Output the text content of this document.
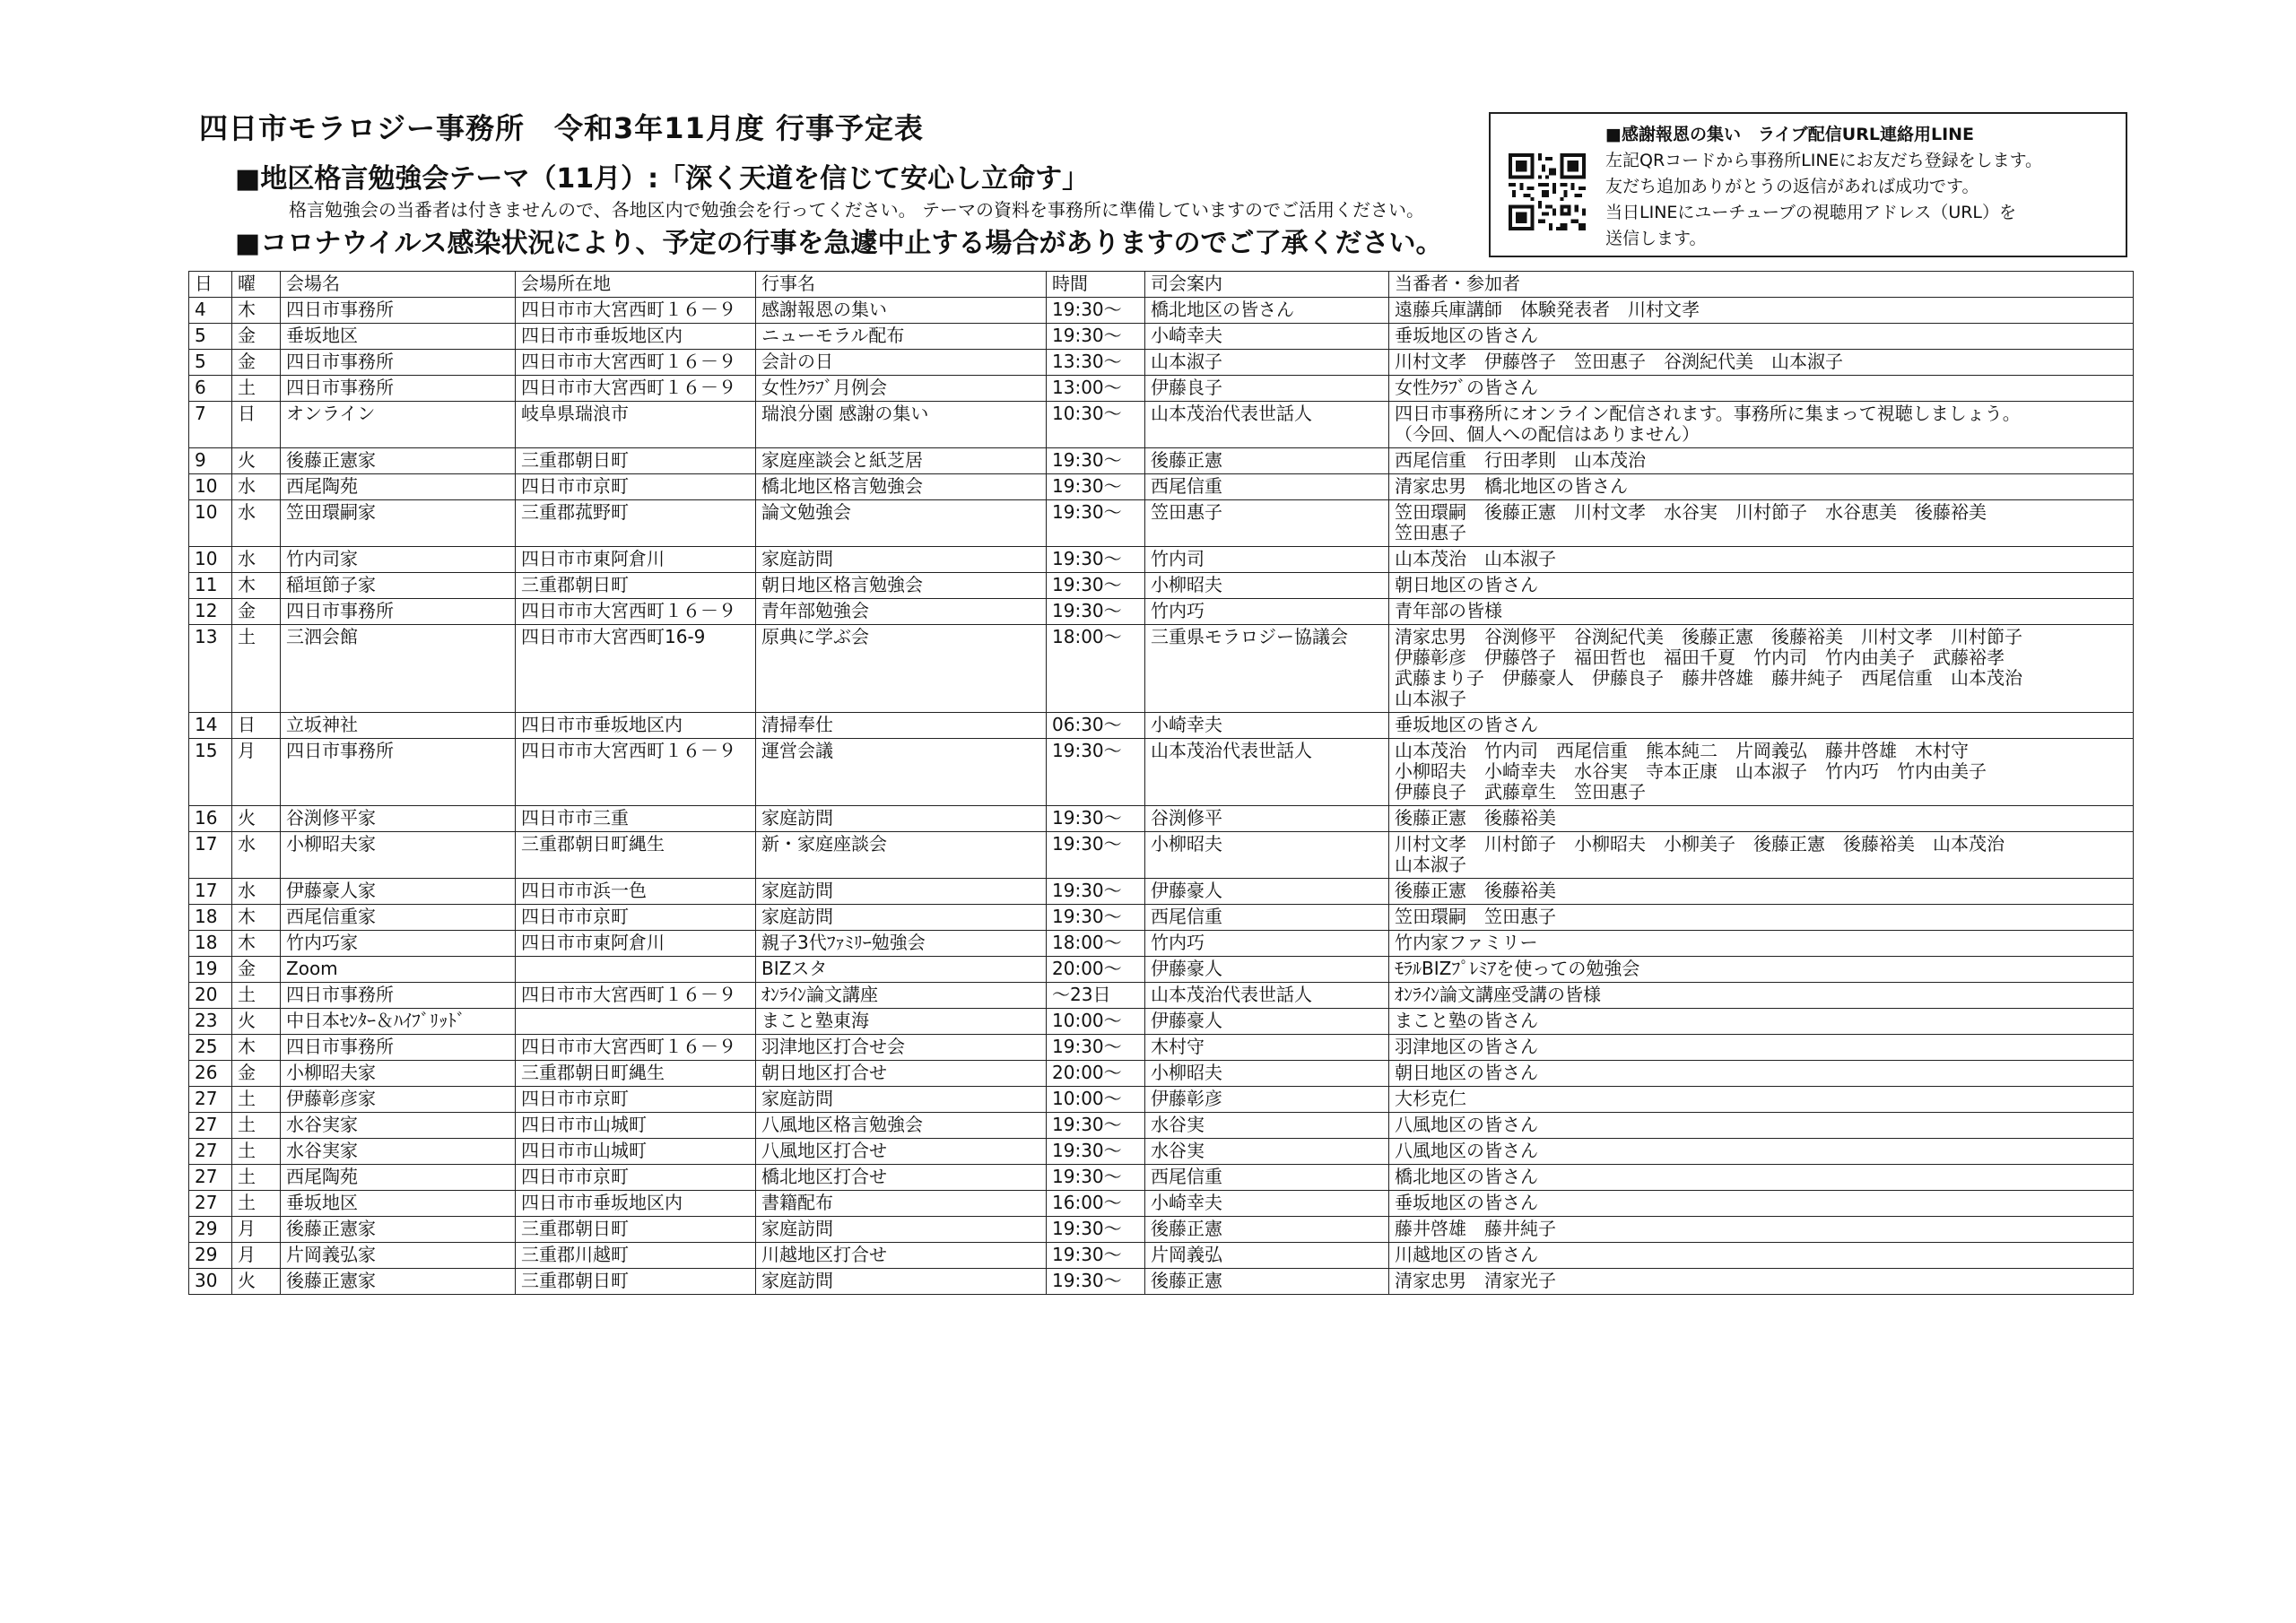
四日市モラロジー事務所　令和3年11月度 行事予定表
■地区格言勉強会テーマ（11月）:「深く天道を信じて安心し立命す」
格言勉強会の当番者は付きませんので、各地区内で勉強会を行ってください。 テーマの資料を事務所に準備していますのでご活用ください。
■コロナウイルス感染状況により、予定の行事を急遽中止する場合がありますのでご了承ください。
■感謝報恩の集い　ライブ配信URL連絡用LINE
左記QRコードから事務所LINEにお友だち登録をします。
友だち追加ありがとうの返信があれば成功です。
当日LINEにユーチューブの視聴用アドレス（URL）を
送信します。
日	曜	会場名	会場所在地	行事名	時間	司会案内	当番者・参加者
4	木	四日市事務所	四日市市大宮西町１６－９	感謝報恩の集い	19:30～	橋北地区の皆さん	遠藤兵庫講師　体験発表者　川村文孝

5	金	垂坂地区	四日市市垂坂地区内	ニューモラル配布	19:30～	小崎幸夫	垂坂地区の皆さん

5	金	四日市事務所	四日市市大宮西町１６－９	会計の日	13:30～	山本淑子	川村文孝　伊藤啓子　笠田惠子　谷渕紀代美　山本淑子

6	土	四日市事務所	四日市市大宮西町１６－９	女性ｸﾗﾌﾞ月例会	13:00～	伊藤良子	女性ｸﾗﾌﾞの皆さん

7	日	オンライン	岐阜県瑞浪市	瑞浪分園 感謝の集い	10:30～	山本茂治代表世話人	四日市事務所にオンライン配信されます。事務所に集まって視聴しましょう。
（今回、個人への配信はありません）

9	火	後藤正憲家	三重郡朝日町	家庭座談会と紙芝居	19:30～	後藤正憲	西尾信重　行田孝則　山本茂治

10	水	西尾陶苑	四日市市京町	橋北地区格言勉強会	19:30～	西尾信重	清家忠男　橋北地区の皆さん

10	水	笠田環嗣家	三重郡菰野町	論文勉強会	19:30～	笠田惠子	笠田環嗣　後藤正憲　川村文孝　水谷実　川村節子　水谷恵美　後藤裕美
笠田惠子

10	水	竹内司家	四日市市東阿倉川	家庭訪問	19:30～	竹内司	山本茂治　山本淑子

11	木	稲垣節子家	三重郡朝日町	朝日地区格言勉強会	19:30～	小柳昭夫	朝日地区の皆さん

12	金	四日市事務所	四日市市大宮西町１６－９	青年部勉強会	19:30～	竹内巧	青年部の皆様

13	土	三泗会館	四日市市大宮西町16-9	原典に学ぶ会	18:00～	三重県モラロジー協議会	清家忠男　谷渕修平　谷渕紀代美　後藤正憲　後藤裕美　川村文孝　川村節子
伊藤彰彦　伊藤啓子　福田哲也　福田千夏　竹内司　竹内由美子　武藤裕孝
武藤まり子　伊藤豪人　伊藤良子　藤井啓雄　藤井純子　西尾信重　山本茂治
山本淑子

14	日	立坂神社	四日市市垂坂地区内	清掃奉仕	06:30～	小崎幸夫	垂坂地区の皆さん

15	月	四日市事務所	四日市市大宮西町１６－９	運営会議	19:30～	山本茂治代表世話人	山本茂治　竹内司　西尾信重　熊本純二　片岡義弘　藤井啓雄　木村守
小柳昭夫　小崎幸夫　水谷実　寺本正康　山本淑子　竹内巧　竹内由美子
伊藤良子　武藤章生　笠田惠子

16	火	谷渕修平家	四日市市三重	家庭訪問	19:30～	谷渕修平	後藤正憲　後藤裕美

17	水	小柳昭夫家	三重郡朝日町縄生	新・家庭座談会	19:30～	小柳昭夫	川村文孝　川村節子　小柳昭夫　小柳美子　後藤正憲　後藤裕美　山本茂治
山本淑子

17	水	伊藤豪人家	四日市市浜一色	家庭訪問	19:30～	伊藤豪人	後藤正憲　後藤裕美

18	木	西尾信重家	四日市市京町	家庭訪問	19:30～	西尾信重	笠田環嗣　笠田惠子

18	木	竹内巧家	四日市市東阿倉川	親子3代ﾌｧﾐﾘｰ勉強会	18:00～	竹内巧	竹内家ファミリー

19	金	Zoom		BIZスタ	20:00～	伊藤豪人	ﾓﾗﾙBIZﾌﾟﾚﾐｱを使っての勉強会

20	土	四日市事務所	四日市市大宮西町１６－９	ｵﾝﾗｲﾝ論文講座	～23日	山本茂治代表世話人	ｵﾝﾗｲﾝ論文講座受講の皆様

23	火	中日本ｾﾝﾀｰ＆ﾊｲﾌﾞﾘｯﾄﾞ		まこと塾東海	10:00～	伊藤豪人	まこと塾の皆さん

25	木	四日市事務所	四日市市大宮西町１６－９	羽津地区打合せ会	19:30～	木村守	羽津地区の皆さん

26	金	小柳昭夫家	三重郡朝日町縄生	朝日地区打合せ	20:00～	小柳昭夫	朝日地区の皆さん

27	土	伊藤彰彦家	四日市市京町	家庭訪問	10:00～	伊藤彰彦	大杉克仁

27	土	水谷実家	四日市市山城町	八風地区格言勉強会	19:30～	水谷実	八風地区の皆さん

27	土	水谷実家	四日市市山城町	八風地区打合せ	19:30～	水谷実	八風地区の皆さん

27	土	西尾陶苑	四日市市京町	橋北地区打合せ	19:30～	西尾信重	橋北地区の皆さん

27	土	垂坂地区	四日市市垂坂地区内	書籍配布	16:00～	小崎幸夫	垂坂地区の皆さん

29	月	後藤正憲家	三重郡朝日町	家庭訪問	19:30～	後藤正憲	藤井啓雄　藤井純子

29	月	片岡義弘家	三重郡川越町	川越地区打合せ	19:30～	片岡義弘	川越地区の皆さん

30	火	後藤正憲家	三重郡朝日町	家庭訪問	19:30～	後藤正憲	清家忠男　清家光子
